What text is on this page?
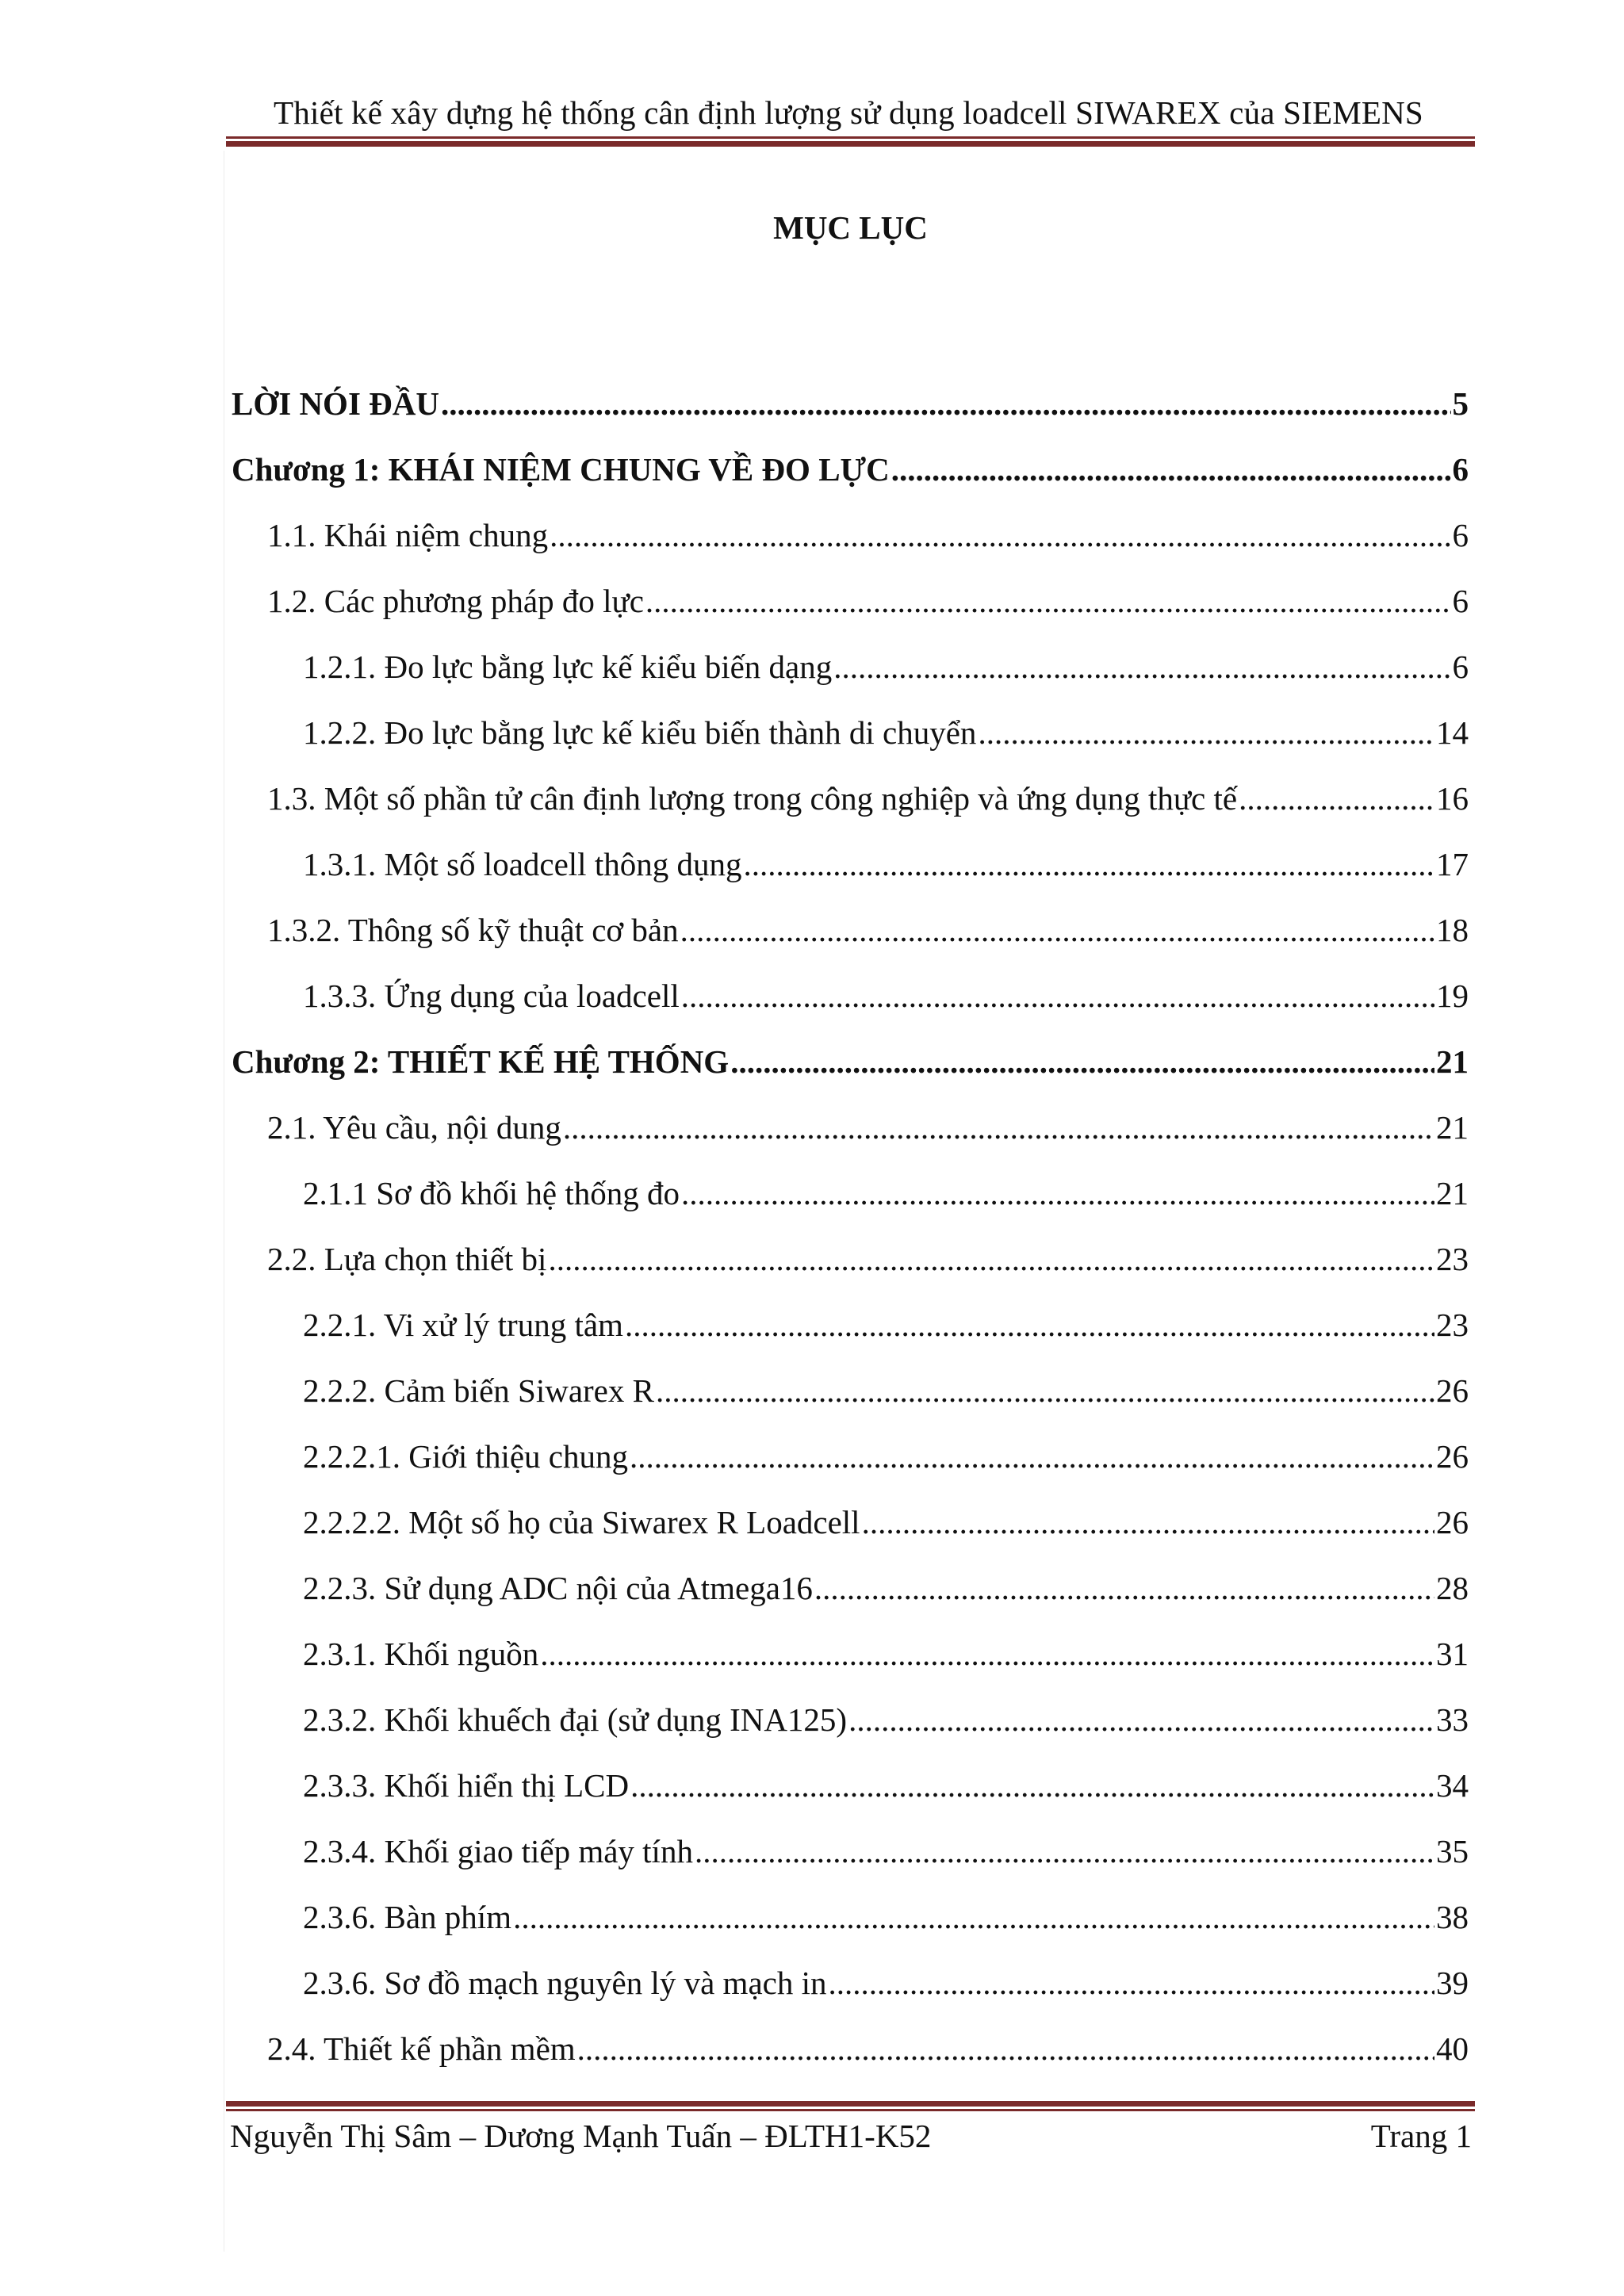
Thiết kế xây dựng hệ thống cân định lượng sử dụng loadcell SIWAREX của SIEMENS
MỤC LỤC
LỜI NÓI ĐẦU .....	5
Chương 1: KHÁI NIỆM CHUNG VỀ ĐO LỰC .....	6
1.1. Khái niệm chung .....	6
1.2. Các phương pháp đo lực .....	6
1.2.1. Đo lực bằng lực kế kiểu biến dạng .....	6
1.2.2. Đo lực bằng lực kế kiểu biến thành di chuyển .....	14
1.3. Một số phần tử cân định lượng trong công nghiệp và ứng dụng thực tế .....	16
1.3.1. Một số loadcell thông dụng .....	17
1.3.2. Thông số kỹ thuật cơ bản .....	18
1.3.3. Ứng dụng của loadcell .....	19
Chương 2: THIẾT KẾ HỆ THỐNG .....	21
2.1. Yêu cầu, nội dung .....	21
2.1.1 Sơ đồ khối hệ thống đo .....	21
2.2. Lựa chọn thiết bị .....	23
2.2.1. Vi xử lý trung tâm .....	23
2.2.2. Cảm biến Siwarex R .....	26
2.2.2.1. Giới thiệu chung .....	26
2.2.2.2. Một số họ của Siwarex R Loadcell .....	26
2.2.3. Sử dụng ADC nội của Atmega16 .....	28
2.3.1. Khối nguồn .....	31
2.3.2. Khối khuếch đại (sử dụng INA125) .....	33
2.3.3. Khối hiển thị LCD .....	34
2.3.4. Khối giao tiếp máy tính .....	35
2.3.6. Bàn phím .....	38
2.3.6. Sơ đồ mạch nguyên lý và mạch in .....	39
2.4. Thiết kế phần mềm .....	40
Nguyễn Thị Sâm – Dương Mạnh Tuấn – ĐLTH1-K52	Trang 1
